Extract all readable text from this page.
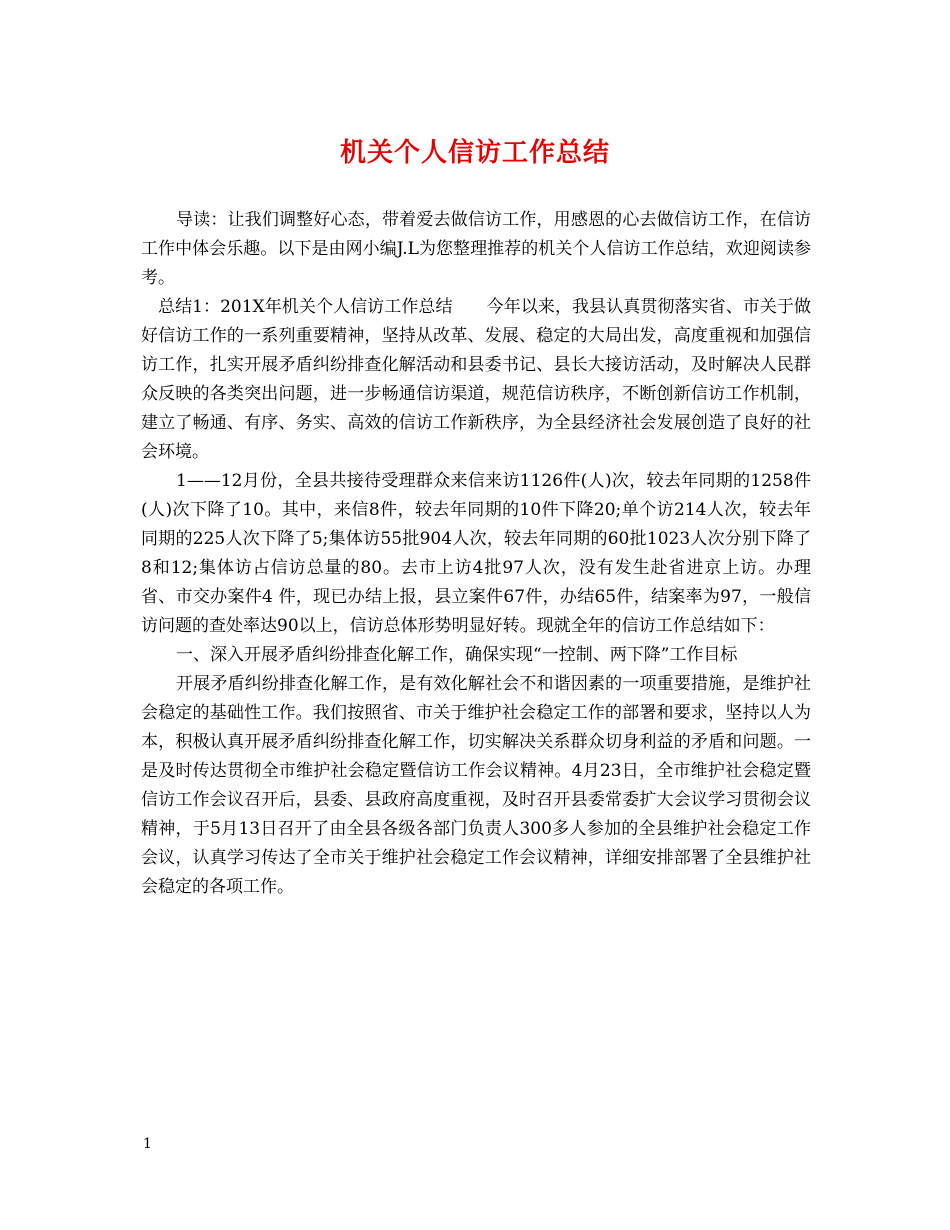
机关个人信访工作总结

导读：让我们调整好心态，带着爱去做信访工作，用感恩的心去做信访工作，在信访工作中体会乐趣。以下是由网小编J.L为您整理推荐的机关个人信访工作总结，欢迎阅读参考。

总结1：201X年机关个人信访工作总结　　今年以来，我县认真贯彻落实省、市关于做好信访工作的一系列重要精神，坚持从改革、发展、稳定的大局出发，高度重视和加强信访工作，扎实开展矛盾纠纷排查化解活动和县委书记、县长大接访活动，及时解决人民群众反映的各类突出问题，进一步畅通信访渠道，规范信访秩序，不断创新信访工作机制，建立了畅通、有序、务实、高效的信访工作新秩序，为全县经济社会发展创造了良好的社会环境。

1——12月份，全县共接待受理群众来信来访1126件(人)次，较去年同期的1258件(人)次下降了10。其中，来信8件，较去年同期的10件下降20;单个访214人次，较去年同期的225人次下降了5;集体访55批904人次，较去年同期的60批1023人次分别下降了8和12;集体访占信访总量的80。去市上访4批97人次，没有发生赴省进京上访。办理省、市交办案件4 件，现已办结上报，县立案件67件，办结65件，结案率为97，一般信访问题的查处率达90以上，信访总体形势明显好转。现就全年的信访工作总结如下：

一、深入开展矛盾纠纷排查化解工作，确保实现“一控制、两下降”工作目标

开展矛盾纠纷排查化解工作，是有效化解社会不和谐因素的一项重要措施，是维护社会稳定的基础性工作。我们按照省、市关于维护社会稳定工作的部署和要求，坚持以人为本，积极认真开展矛盾纠纷排查化解工作，切实解决关系群众切身利益的矛盾和问题。一是及时传达贯彻全市维护社会稳定暨信访工作会议精神。4月23日，全市维护社会稳定暨信访工作会议召开后，县委、县政府高度重视，及时召开县委常委扩大会议学习贯彻会议精神，于5月13日召开了由全县各级各部门负责人300多人参加的全县维护社会稳定工作会议，认真学习传达了全市关于维护社会稳定工作会议精神，详细安排部署了全县维护社会稳定的各项工作。

1
